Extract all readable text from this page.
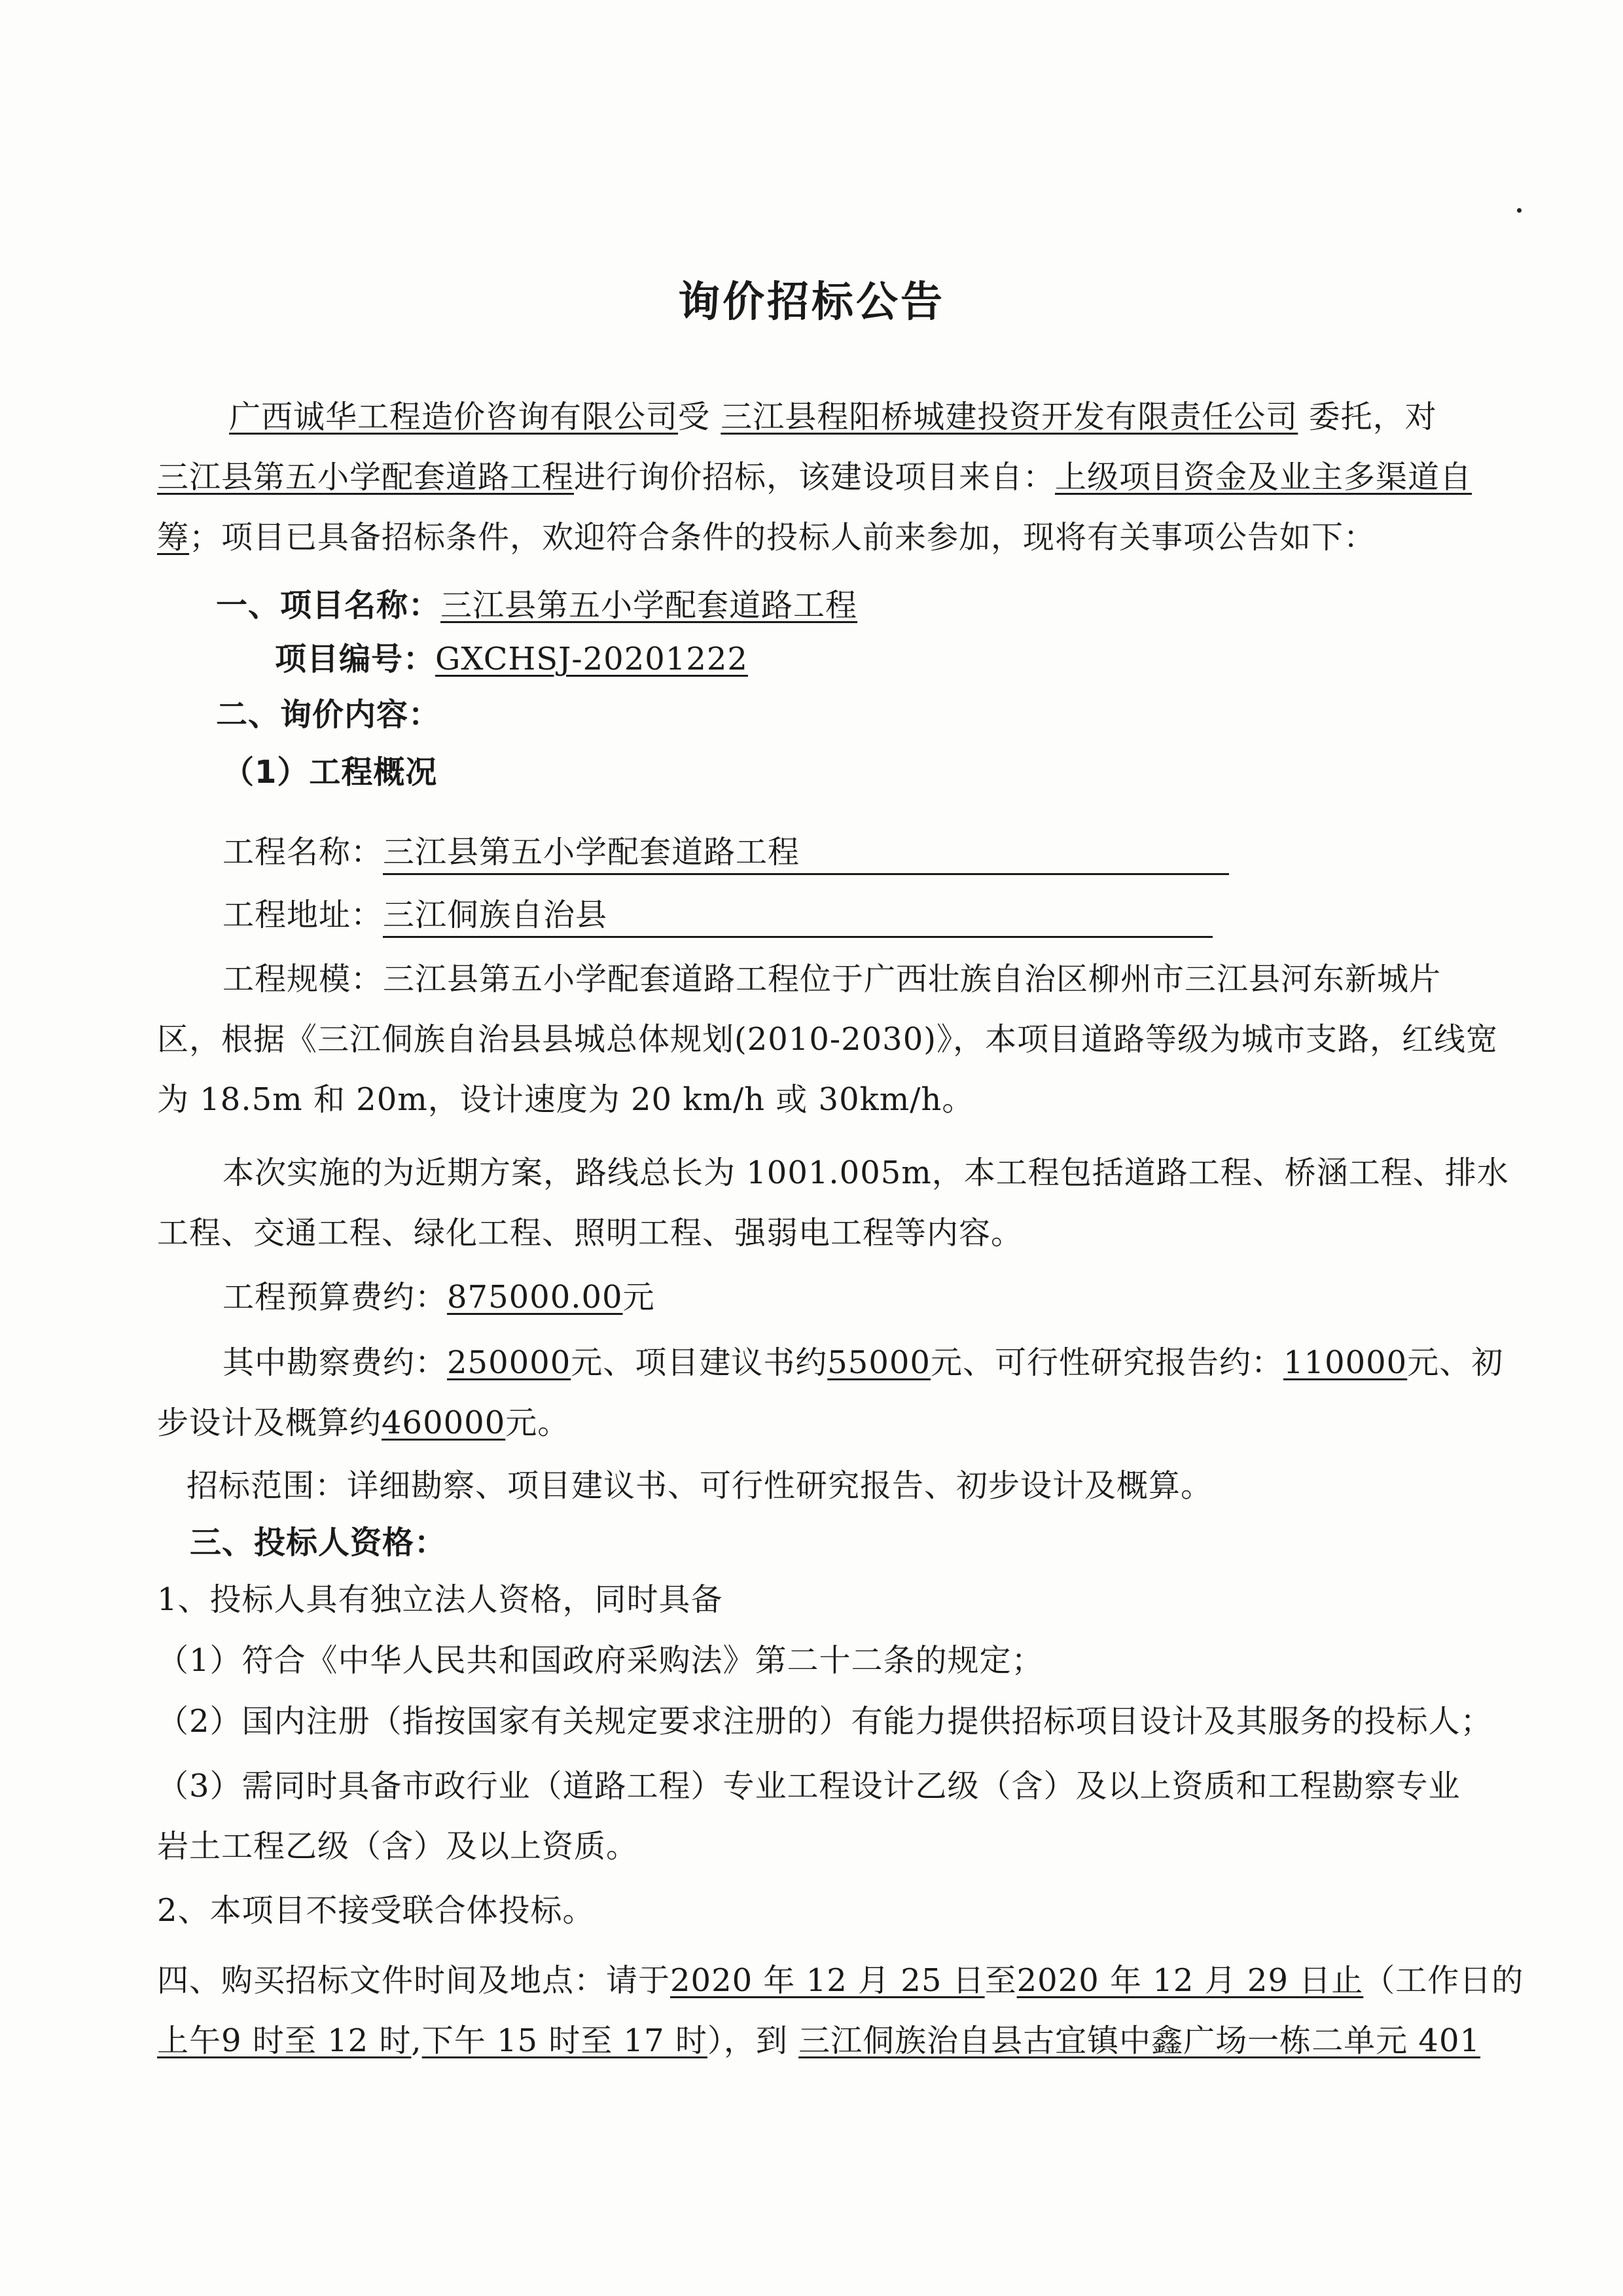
询价招标公告
广西诚华工程造价咨询有限公司受 三江县程阳桥城建投资开发有限责任公司 委托，对
三江县第五小学配套道路工程进行询价招标，该建设项目来自：上级项目资金及业主多渠道自
筹；项目已具备招标条件，欢迎符合条件的投标人前来参加，现将有关事项公告如下：
一、项目名称：三江县第五小学配套道路工程
项目编号：GXCHSJ-20201222
二、询价内容：
（1）工程概况
工程名称：三江县第五小学配套道路工程
工程地址：三江侗族自治县
工程规模：三江县第五小学配套道路工程位于广西壮族自治区柳州市三江县河东新城片
区，根据《三江侗族自治县县城总体规划(2010-2030)》，本项目道路等级为城市支路，红线宽
为 18.5m 和 20m，设计速度为 20 km/h 或 30km/h。
本次实施的为近期方案，路线总长为 1001.005m，本工程包括道路工程、桥涵工程、排水
工程、交通工程、绿化工程、照明工程、强弱电工程等内容。
工程预算费约：875000.00元
其中勘察费约：250000元、项目建议书约55000元、可行性研究报告约：110000元、初
步设计及概算约460000元。
招标范围：详细勘察、项目建议书、可行性研究报告、初步设计及概算。
三、投标人资格：
1、投标人具有独立法人资格，同时具备
（1）符合《中华人民共和国政府采购法》第二十二条的规定；
（2）国内注册（指按国家有关规定要求注册的）有能力提供招标项目设计及其服务的投标人；
（3）需同时具备市政行业（道路工程）专业工程设计乙级（含）及以上资质和工程勘察专业
岩土工程乙级（含）及以上资质。
2、本项目不接受联合体投标。
四、购买招标文件时间及地点：请于2020 年 12 月 25 日至2020 年 12 月 29 日止（工作日的
上午9 时至 12 时,下午 15 时至 17 时），到 三江侗族治自县古宜镇中鑫广场一栋二单元 401
